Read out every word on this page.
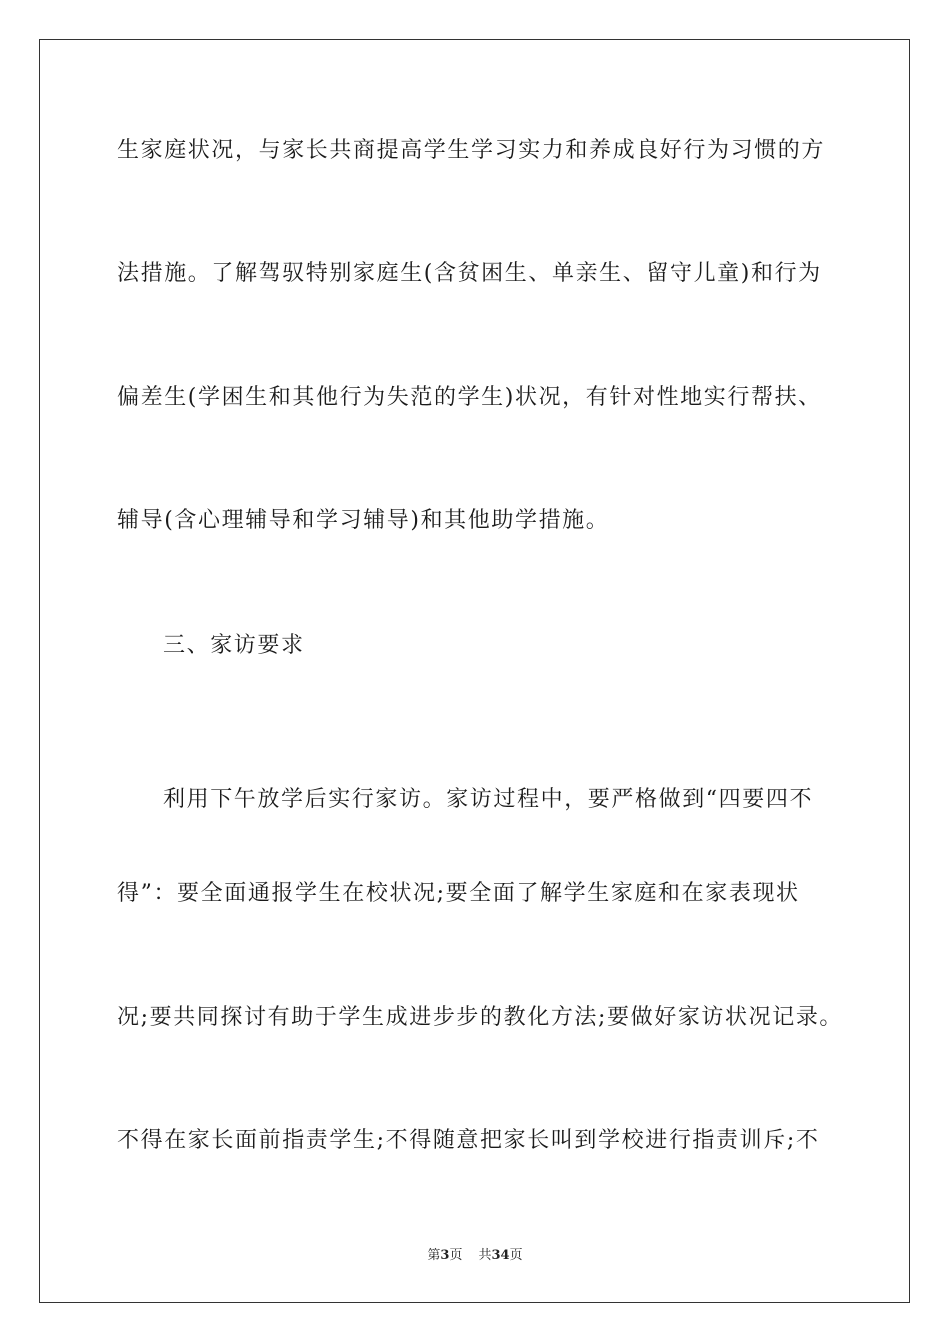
生家庭状况，与家长共商提高学生学习实力和养成良好行为习惯的方
法措施。了解驾驭特别家庭生(含贫困生、单亲生、留守儿童)和行为
偏差生(学困生和其他行为失范的学生)状况，有针对性地实行帮扶、
辅导(含心理辅导和学习辅导)和其他助学措施。
三、家访要求
利用下午放学后实行家访。家访过程中，要严格做到“四要四不
得”：要全面通报学生在校状况;要全面了解学生家庭和在家表现状
况;要共同探讨有助于学生成进步步的教化方法;要做好家访状况记录。
不得在家长面前指责学生;不得随意把家长叫到学校进行指责训斥;不
第3页 共34页
